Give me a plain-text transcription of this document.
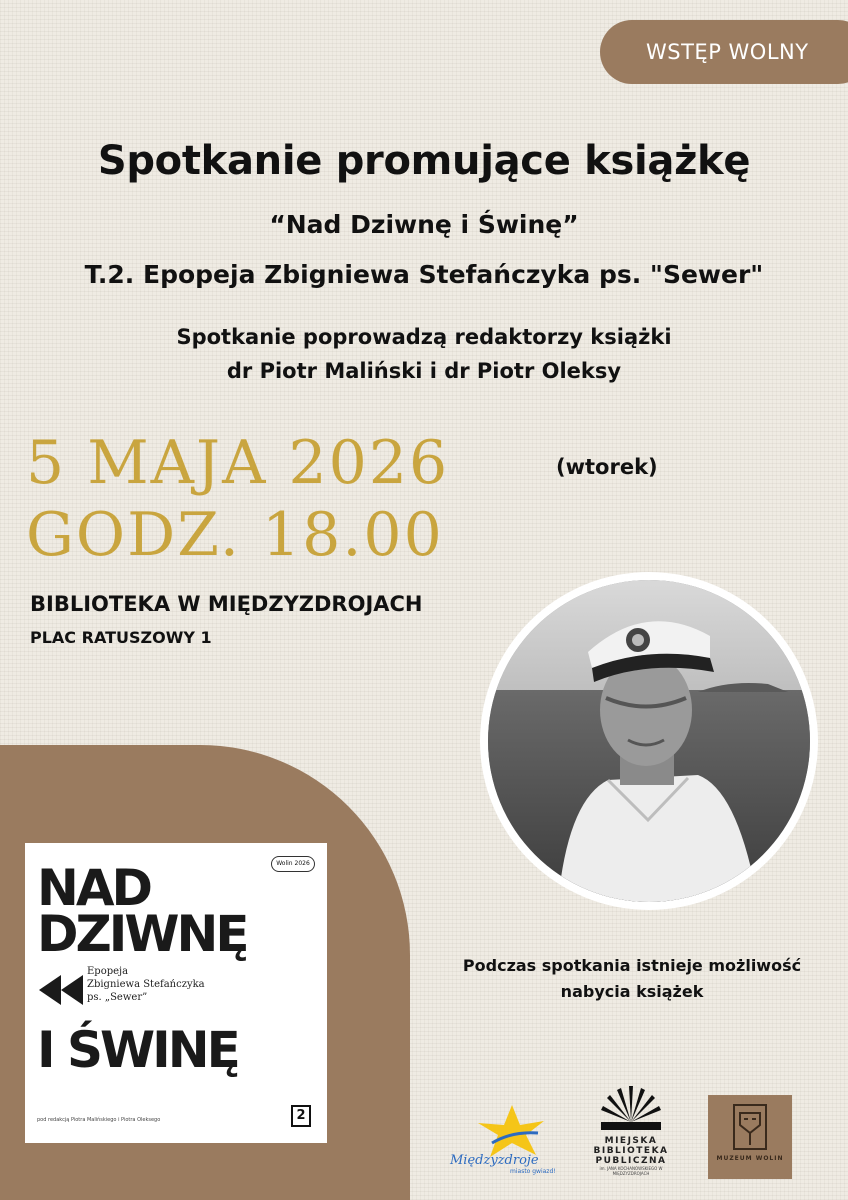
WSTĘP WOLNY
Spotkanie promujące książkę
“Nad Dziwnę i Świnę”
T.2. Epopeja Zbigniewa Stefańczyka ps. "Sewer"
Spotkanie poprowadzą redaktorzy książki
dr Piotr Maliński i dr Piotr Oleksy
5 MAJA 2026	(wtorek)
GODZ. 18.00
BIBLIOTEKA W MIĘDZYZDROJACH
PLAC RATUSZOWY 1
NAD
DZIWNĘ
I ŚWINĘ
Wolin 2026
Epopeja
Zbigniewa Stefańczyka
ps. „Sewer”
pod redakcją Piotra Malińskiego i Piotra Oleksego	2
Podczas spotkania istnieje możliwość
nabycia książek
Międzyzdroje
miasto gwiazd!
MIEJSKA
BIBLIOTEKA
PUBLICZNA
im. JANA KOCHANOWSKIEGO W MIĘDZYZDROJACH
MUZEUM WOLIN
